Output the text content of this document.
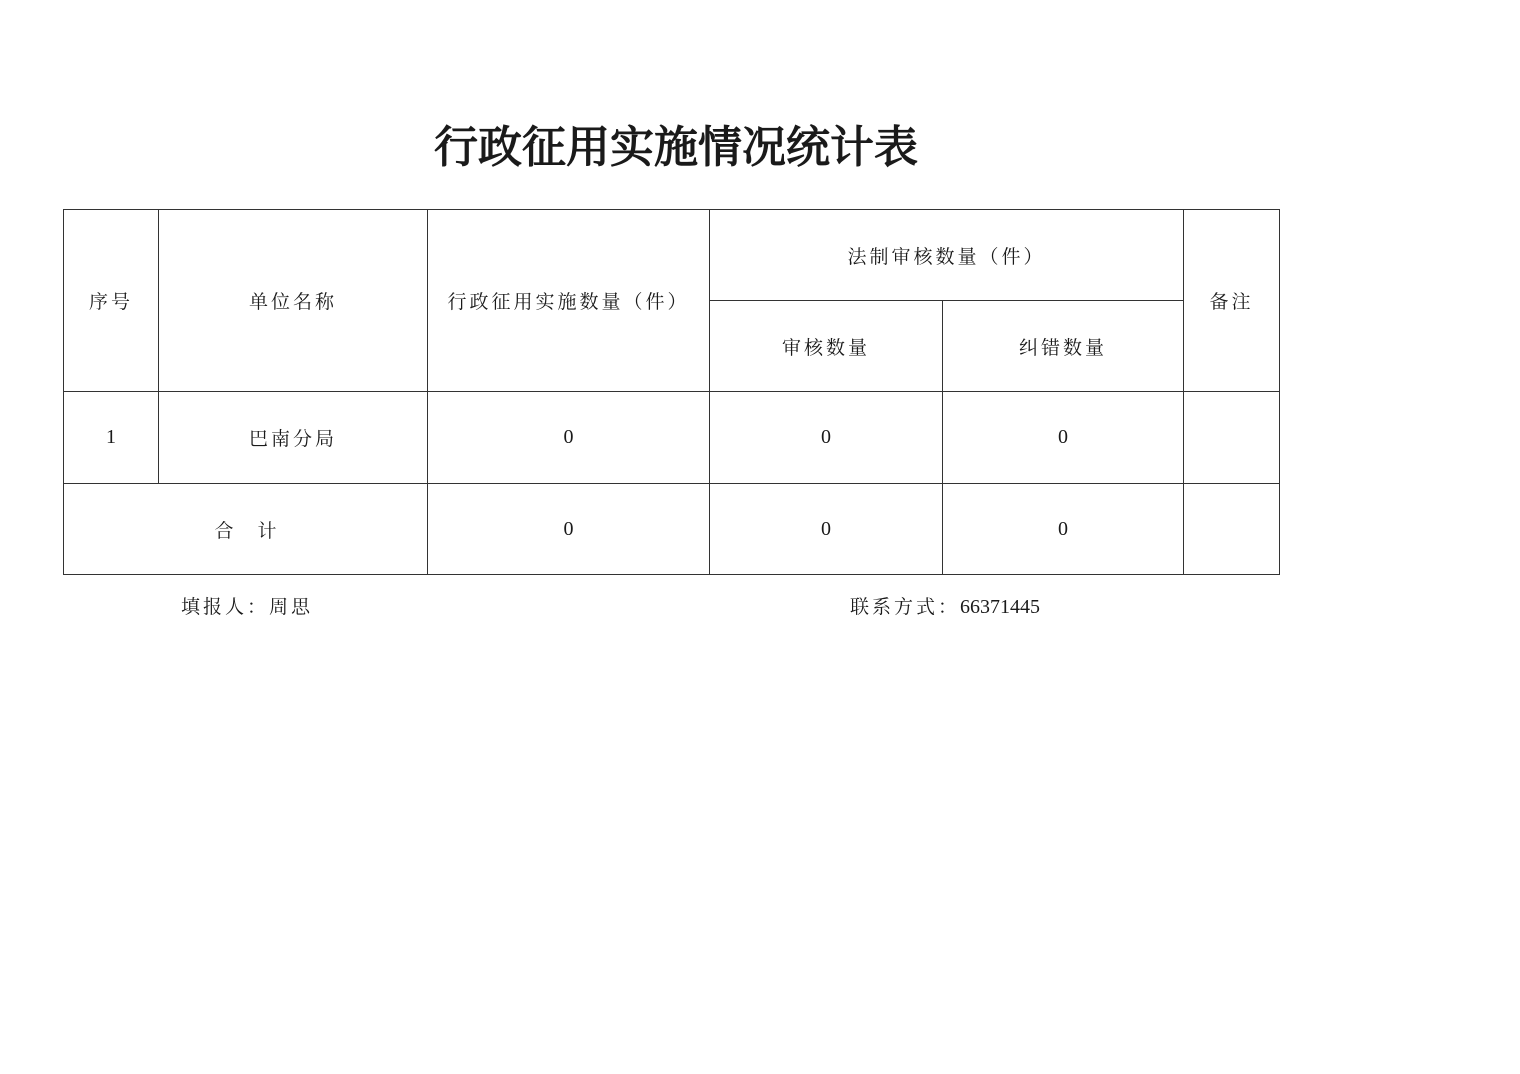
行政征用实施情况统计表
序号	单位名称	行政征用实施数量（件）	法制审核数量（件）		备注
			审核数量	纠错数量	
1	巴南分局	0	0	0	
合计		0	0	0	
填报人：周思	联系方式：66371445
